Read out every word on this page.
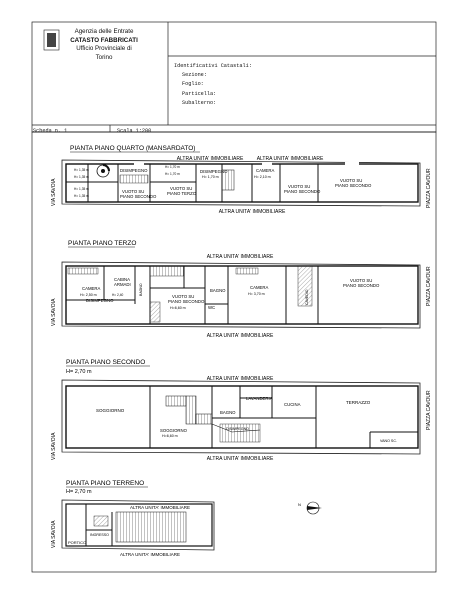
Agenzia delle Entrate
CATASTO FABBRICATI
Ufficio Provinciale di
Torino
Identificativi Catastali:
Sezione:
Foglio:
Particella:
Subalterno:
Scheda n. 1	Scala 1:200
PIANTA PIANO QUARTO (MANSARDATO)
ALTRA UNITA' IMMOBILIARE	ALTRA UNITA' IMMOBILIARE
ALTRA UNITA' IMMOBILIARE
H= 1,35 m
H= 1,35 m
DISIMPEGNO
H= 1,70 m
H= 1,70 m	DISIMPEGNO
H= 1,70 m
CAMERA
H= 2,10 m
H= 1,35 m
H= 1,35 m
VUOTO SU
PIANO SECONDO
VUOTO SU
PIANO TERZO
VUOTO SU
PIANO SECONDO
VUOTO SU
PIANO SECONDO
VIA SAVOIA	PIAZZA CAVOUR
PIANTA PIANO TERZO
ALTRA UNITA' IMMOBILIARE
ALTRA UNITA' IMMOBILIARE
CAMERA
H= 2,50 m
CABINA
ARMADI
H= 2,40	BAGNO
DISIMPEGNO
VUOTO SU
PIANO SECONDO
H=6,60 m	WC
BAGNO
CAMERA
H= 3,70 m
VUOTO SU
PIANO SECONDO
CAVEDIO
VIA SAVOIA
PIAZZA CAVOUR
PIANTA PIANO SECONDO
H= 2,70 m
ALTRA UNITA' IMMOBILIARE
ALTRA UNITA' IMMOBILIARE
SOGGIORNO
SOGGIORNO
H=6,60 m
LAVANDERIA
BAGNO
CUCINA	TERRAZZO
DISIMPEGNO
VANO SC.
VIA SAVOIA
PIAZZA CAVOUR
PIANTA PIANO TERRENO
H= 2,70 m
ALTRA UNITA' IMMOBILIARE
ALTRA UNITA' IMMOBILIARE
INGRESSO
PORTICO
VIA SAVOIA
N
